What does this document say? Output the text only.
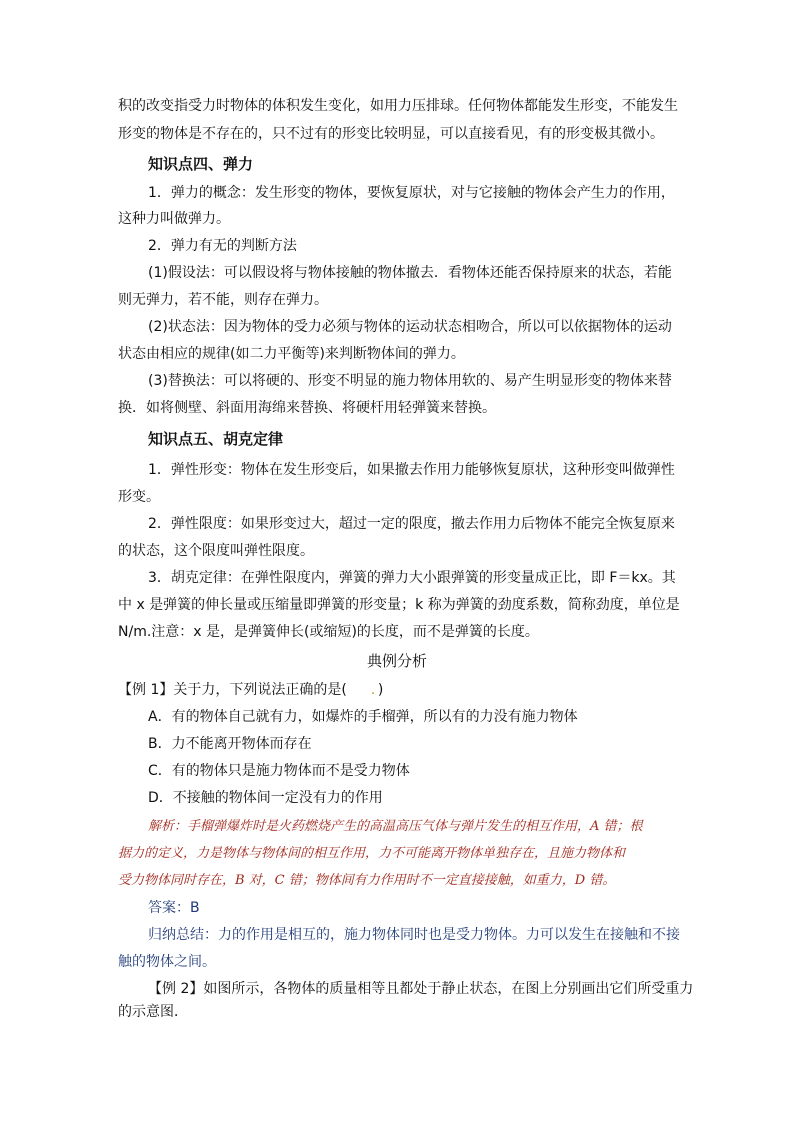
积的改变指受力时物体的体积发生变化，如用力压排球。任何物体都能发生形变，不能发生
形变的物体是不存在的，只不过有的形变比较明显，可以直接看见，有的形变极其微小。
知识点四、弹力
1．弹力的概念：发生形变的物体，要恢复原状，对与它接触的物体会产生力的作用，
这种力叫做弹力。
2．弹力有无的判断方法
(1)假设法：可以假设将与物体接触的物体撤去．看物体还能否保持原来的状态，若能
则无弹力，若不能，则存在弹力。
(2)状态法：因为物体的受力必须与物体的运动状态相吻合，所以可以依据物体的运动
状态由相应的规律(如二力平衡等)来判断物体间的弹力。
(3)替换法：可以将硬的、形变不明显的施力物体用软的、易产生明显形变的物体来替
换．如将侧壁、斜面用海绵来替换、将硬杆用轻弹簧来替换。
知识点五、胡克定律
1．弹性形变：物体在发生形变后，如果撤去作用力能够恢复原状，这种形变叫做弹性
形变。
2．弹性限度：如果形变过大，超过一定的限度，撤去作用力后物体不能完全恢复原来
的状态，这个限度叫弹性限度。
3．胡克定律：在弹性限度内，弹簧的弹力大小跟弹簧的形变量成正比，即 F＝kx。其
中 x 是弹簧的伸长量或压缩量即弹簧的形变量；k 称为弹簧的劲度系数，简称劲度，单位是
N/m.注意：x 是，是弹簧伸长(或缩短)的长度，而不是弹簧的长度。
典例分析
【例 1】关于力，下列说法正确的是( ．)
A．有的物体自己就有力，如爆炸的手榴弹，所以有的力没有施力物体
B．力不能离开物体而存在
C．有的物体只是施力物体而不是受力物体
D．不接触的物体间一定没有力的作用
解析：手榴弹爆炸时是火药燃烧产生的高温高压气体与弹片发生的相互作用，A 错；根
据力的定义，力是物体与物体间的相互作用，力不可能离开物体单独存在，且施力物体和
受力物体同时存在，B 对，C 错；物体间有力作用时不一定直接接触，如重力，D 错。
答案：B
归纳总结：力的作用是相互的，施力物体同时也是受力物体。力可以发生在接触和不接
触的物体之间。
【例 2】如图所示，各物体的质量相等且都处于静止状态，在图上分别画出它们所受重力
的示意图．
